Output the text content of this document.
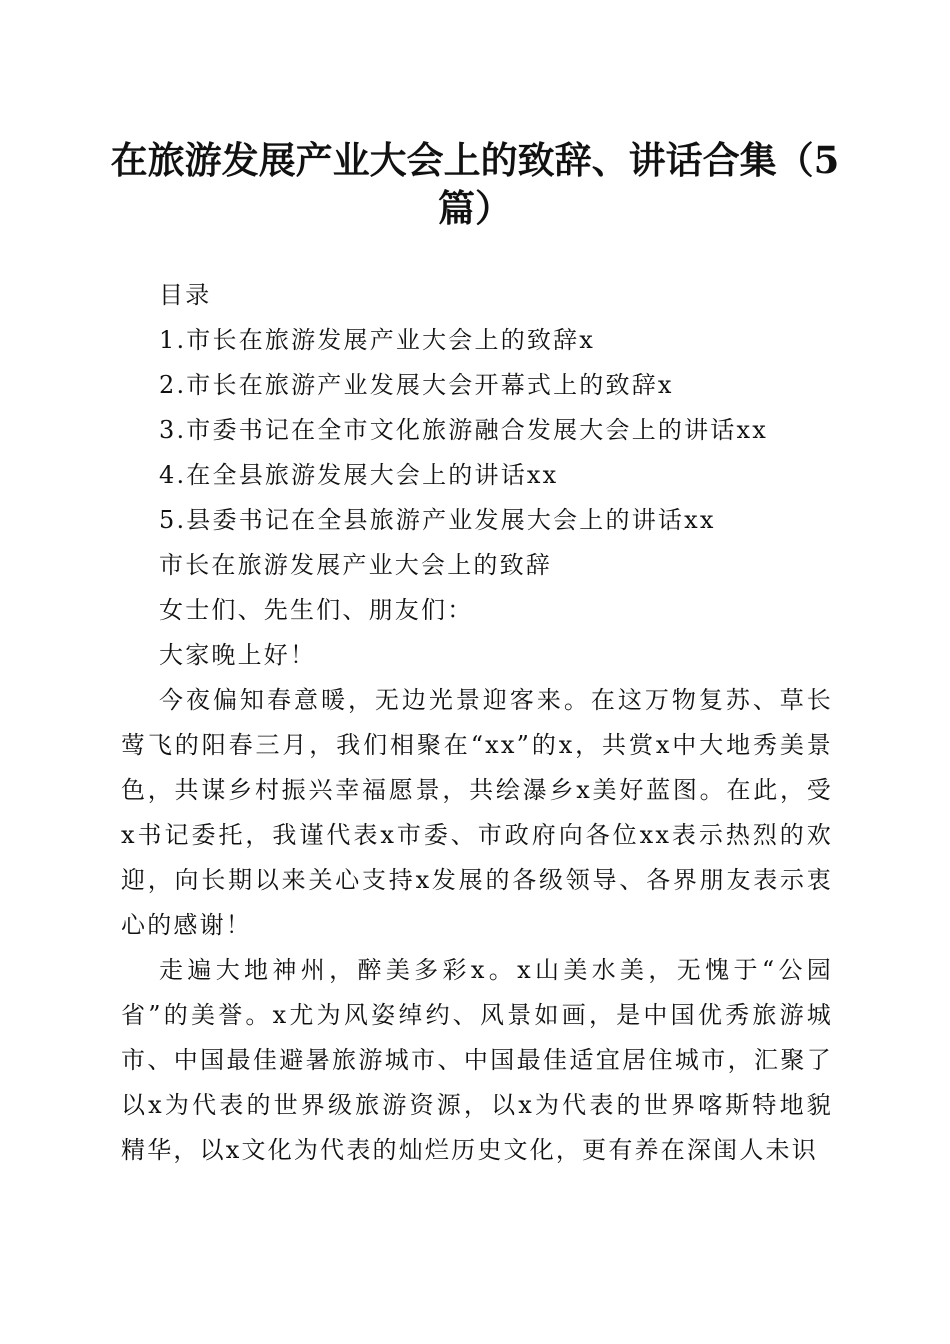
在旅游发展产业大会上的致辞、讲话合集（5篇）

目录

1.市长在旅游发展产业大会上的致辞x

2.市长在旅游产业发展大会开幕式上的致辞x

3.市委书记在全市文化旅游融合发展大会上的讲话xx

4.在全县旅游发展大会上的讲话xx

5.县委书记在全县旅游产业发展大会上的讲话xx

市长在旅游发展产业大会上的致辞

女士们、先生们、朋友们：

大家晚上好！

今夜偏知春意暖，无边光景迎客来。在这万物复苏、草长莺飞的阳春三月，我们相聚在“xx”的x，共赏x中大地秀美景色，共谋乡村振兴幸福愿景，共绘瀑乡x美好蓝图。在此，受x书记委托，我谨代表x市委、市政府向各位xx表示热烈的欢迎，向长期以来关心支持x发展的各级领导、各界朋友表示衷心的感谢！

走遍大地神州，醉美多彩x。x山美水美，无愧于“公园省”的美誉。x尤为风姿绰约、风景如画，是中国优秀旅游城市、中国最佳避暑旅游城市、中国最佳适宜居住城市，汇聚了以x为代表的世界级旅游资源，以x为代表的世界喀斯特地貌精华，以x文化为代表的灿烂历史文化，更有养在深闺人未识
